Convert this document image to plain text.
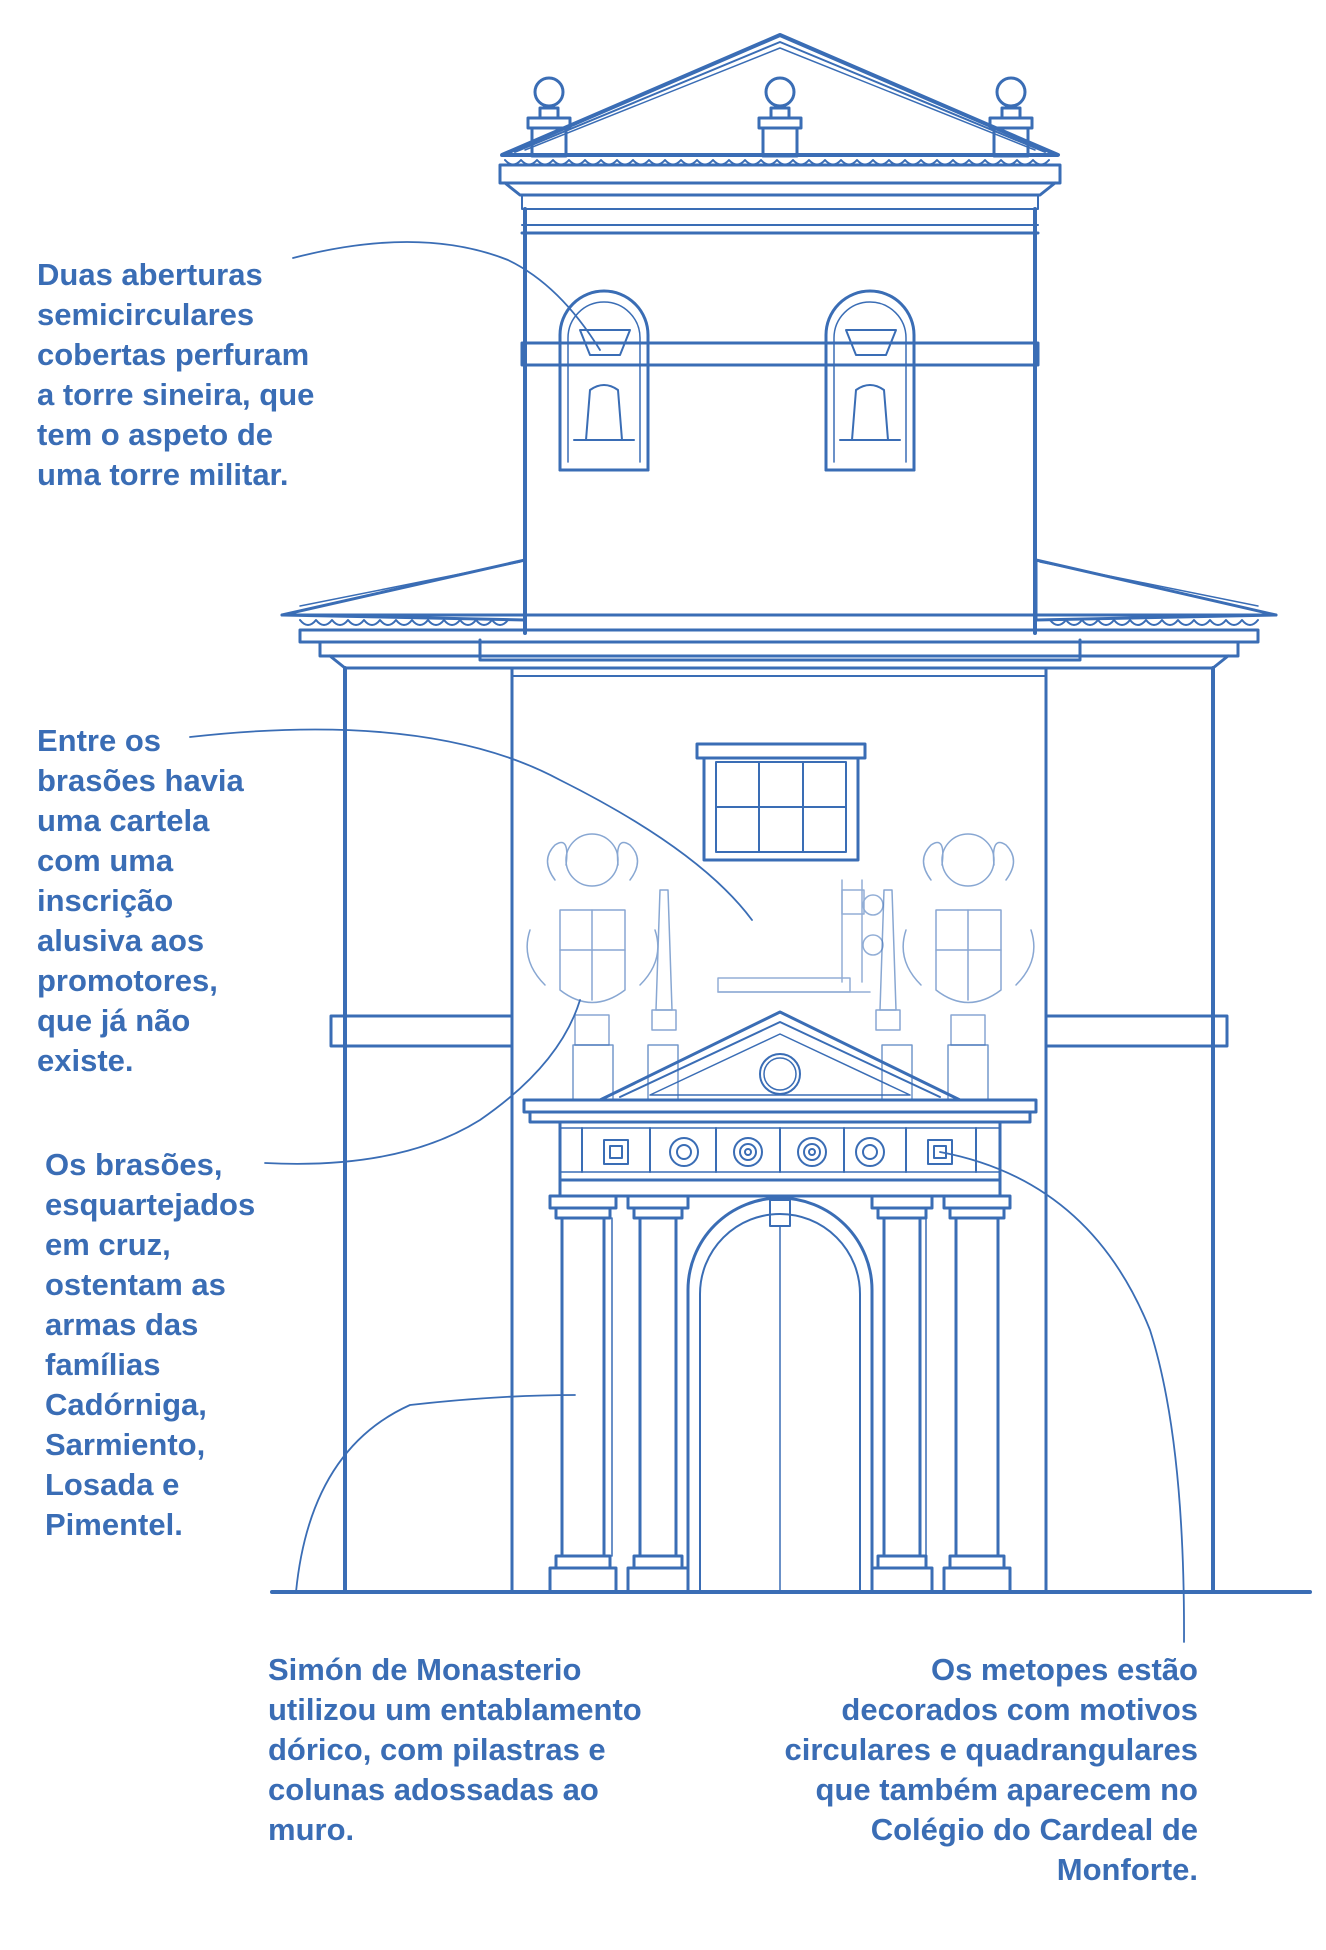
Duas aberturas
semicirculares
cobertas perfuram
a torre sineira, que
tem o aspeto de
uma torre militar.

Entre os
brasões havia
uma cartela
com uma
inscrição
alusiva aos
promotores,
que já não
existe.

Os brasões,
esquartejados
em cruz,
ostentam as
armas das
famílias
Cadórniga,
Sarmiento,
Losada e
Pimentel.

Simón de Monasterio
utilizou um entablamento
dórico, com pilastras e
colunas adossadas ao
muro.

Os metopes estão
decorados com motivos
circulares e quadrangulares
que também aparecem no
Colégio do Cardeal de
Monforte.
